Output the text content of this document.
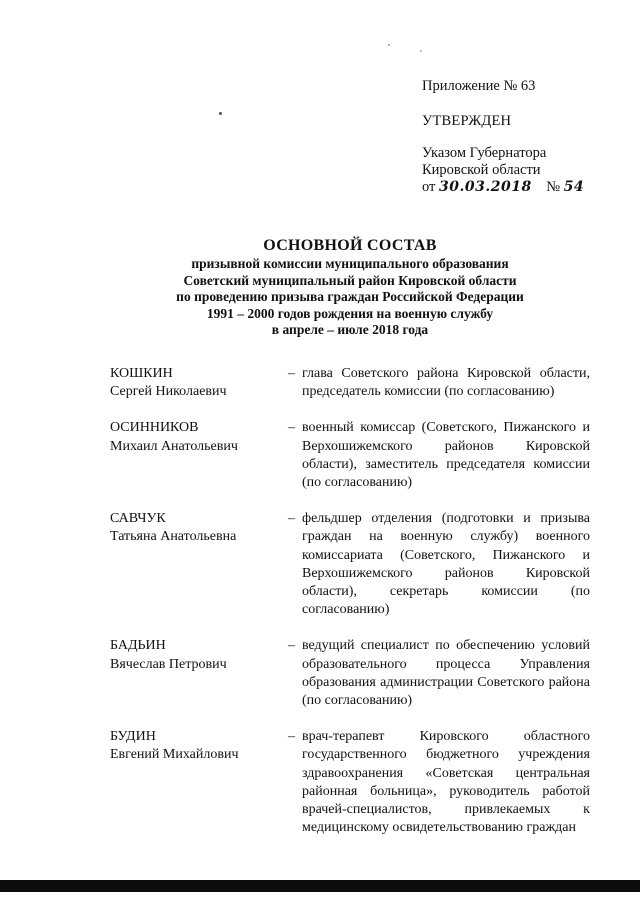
Приложение № 63
УТВЕРЖДЕН
Указом Губернатора
Кировской области
от 30.03.2018 № 54
ОСНОВНОЙ СОСТАВ
призывной комиссии муниципального образования
Советский муниципальный район Кировской области
по проведению призыва граждан Российской Федерации
1991 – 2000 годов рождения на военную службу
в апреле – июле 2018 года
КОШКИН
Сергей Николаевич
– глава Советского района Кировской области, председатель комиссии (по согласованию)
ОСИННИКОВ
Михаил Анатольевич
– военный комиссар (Советского, Пижанского и Верхошижемского районов Кировской области), заместитель председателя комиссии (по согласованию)
САВЧУК
Татьяна Анатольевна
– фельдшер отделения (подготовки и призыва граждан на военную службу) военного комиссариата (Советского, Пижанского и Верхошижемского районов Кировской области), секретарь комиссии (по согласованию)
БАДЬИН
Вячеслав Петрович
– ведущий специалист по обеспечению условий образовательного процесса Управления образования администрации Советского района (по согласованию)
БУДИН
Евгений Михайлович
– врач-терапевт Кировского областного государственного бюджетного учреждения здравоохранения «Советская центральная районная больница», руководитель работой врачей-специалистов, привлекаемых к медицинскому освидетельствованию граждан
